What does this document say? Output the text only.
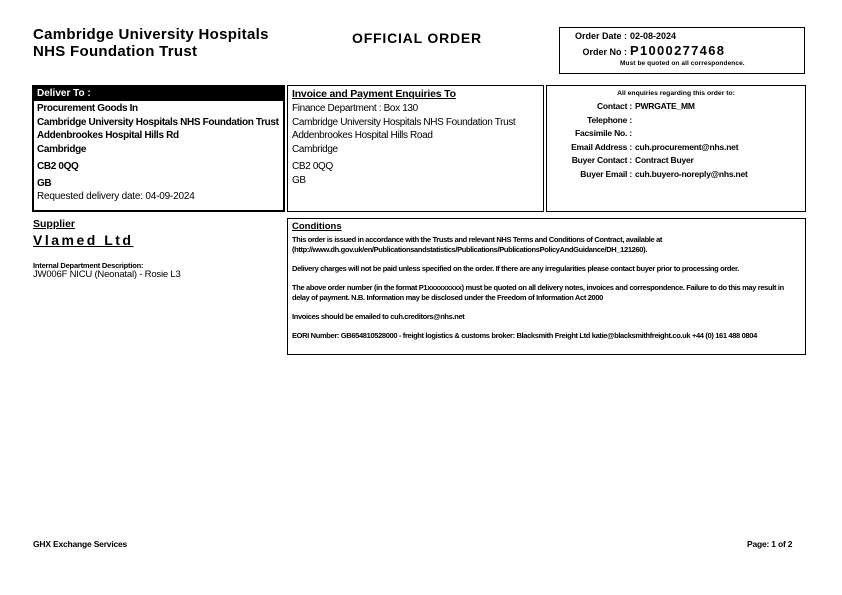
Cambridge University Hospitals
NHS Foundation Trust
OFFICIAL ORDER	Order Date : 02-08-2024
Order No : P1000277468
Must be quoted on all correspondence.
Deliver To :
Procurement Goods In
Cambridge University Hospitals NHS Foundation Trust
Addenbrookes Hospital Hills Rd
Cambridge
CB2 0QQ
GB
Requested delivery date: 04-09-2024
Invoice and Payment Enquiries To
Finance Department : Box 130
Cambridge University Hospitals NHS Foundation Trust
Addenbrookes Hospital Hills Road
Cambridge
CB2 0QQ
GB
All enquiries regarding this order to:
Contact : PWRGATE_MM
Telephone :
Facsimile No. :
Email Address : cuh.procurement@nhs.net
Buyer Contact : Contract Buyer
Buyer Email : cuh.buyero-noreply@nhs.net
Supplier
Vlamed Ltd
Internal Department Description:
JW006F NICU (Neonatal) - Rosie L3
Conditions
This order is issued in accordance with the Trusts and relevant NHS Terms and Conditions of Contract, available at (http://www.dh.gov.uk/en/Publicationsandstatistics/Publications/PublicationsPolicyAndGuidance/DH_121260).
Delivery charges will not be paid unless specified on the order. If there are any irregularities please contact buyer prior to processing order.
The above order number (in the format P1xxxxxxxxx) must be quoted on all delivery notes, invoices and correspondence. Failure to do this may result in delay of payment. N.B. Information may be disclosed under the Freedom of Information Act 2000
Invoices should be emailed to cuh.creditors@nhs.net
EORI Number: GB654810528000 - freight logistics & customs broker: Blacksmith Freight Ltd katie@blacksmithfreight.co.uk +44 (0) 161 488 0804
GHX Exchange Services	Page: 1 of 2
